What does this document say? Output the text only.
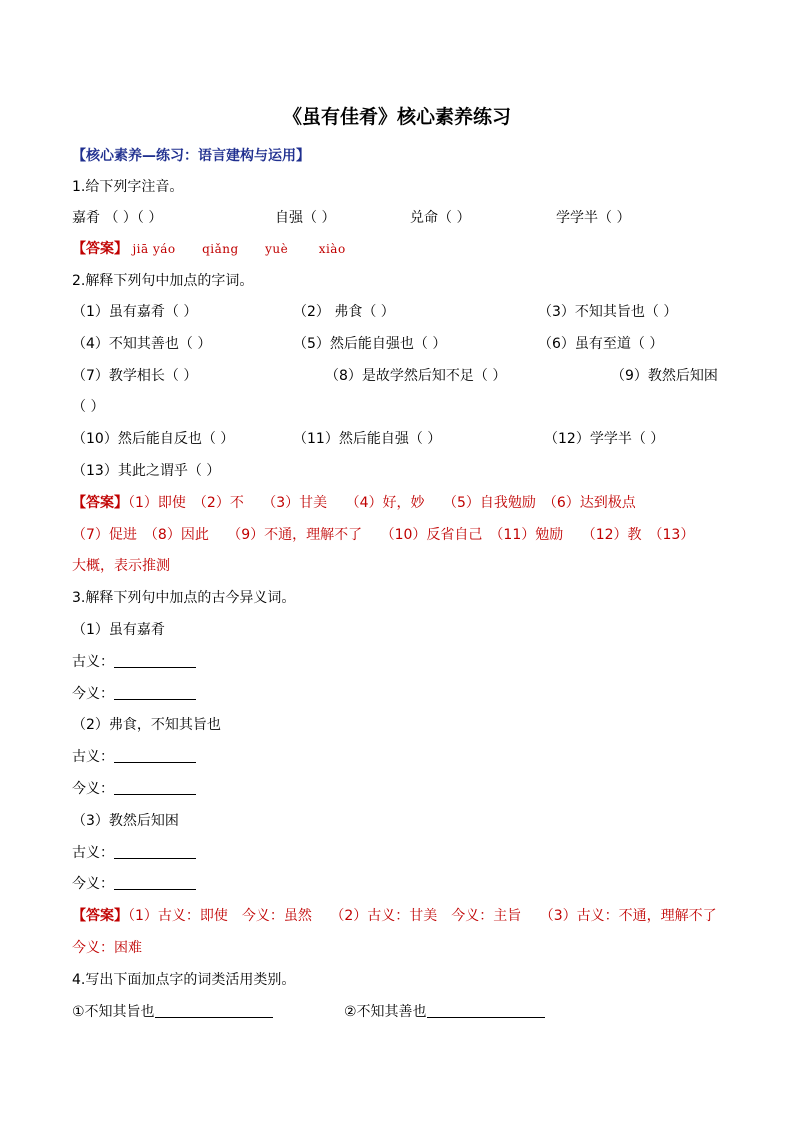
《虽有佳肴》核心素养练习
【核心素养—练习：语言建构与运用】
1.给下列字注音。
嘉肴 （ ）（ ）	自强（ ）	兑命（ ）	学学半（ ）
【答案】 jiā yáo qiǎng yuè	xiào
2.解释下列句中加点的字词。
（1）虽有嘉肴（ ）	（2） 弗食（ ）	（3）不知其旨也（ ）
（4）不知其善也（ ）	（5）然后能自强也（ ）	（6）虽有至道（ ）
（7）教学相长（ ）	（8）是故学然后知不足（ ）	（9）教然后知困
（ ）
（10）然后能自反也（ ）	（11）然后能自强（ ）	（12）学学半（ ）
（13）其此之谓乎（ ）
【答案】（1）即使　（2）不　 （3）甘美　 （4）好，妙　 （5）自我勉励　（6）达到极点
（7）促进　（8）因此　 （9）不通，理解不了　 （10）反省自己　（11）勉励　 （12）教　（13）
大概，表示推测
3.解释下列句中加点的古今异义词。
（1）虽有嘉肴
古义：
今义：
（2）弗食，不知其旨也
古义：
今义：
（3）教然后知困
古义：
今义：
【答案】（1）古义：即使　今义：虽然　 （2）古义：甘美　今义：主旨　 （3）古义：不通，理解不了
今义：困难
4.写出下面加点字的词类活用类别。
①不知其旨也	②不知其善也
